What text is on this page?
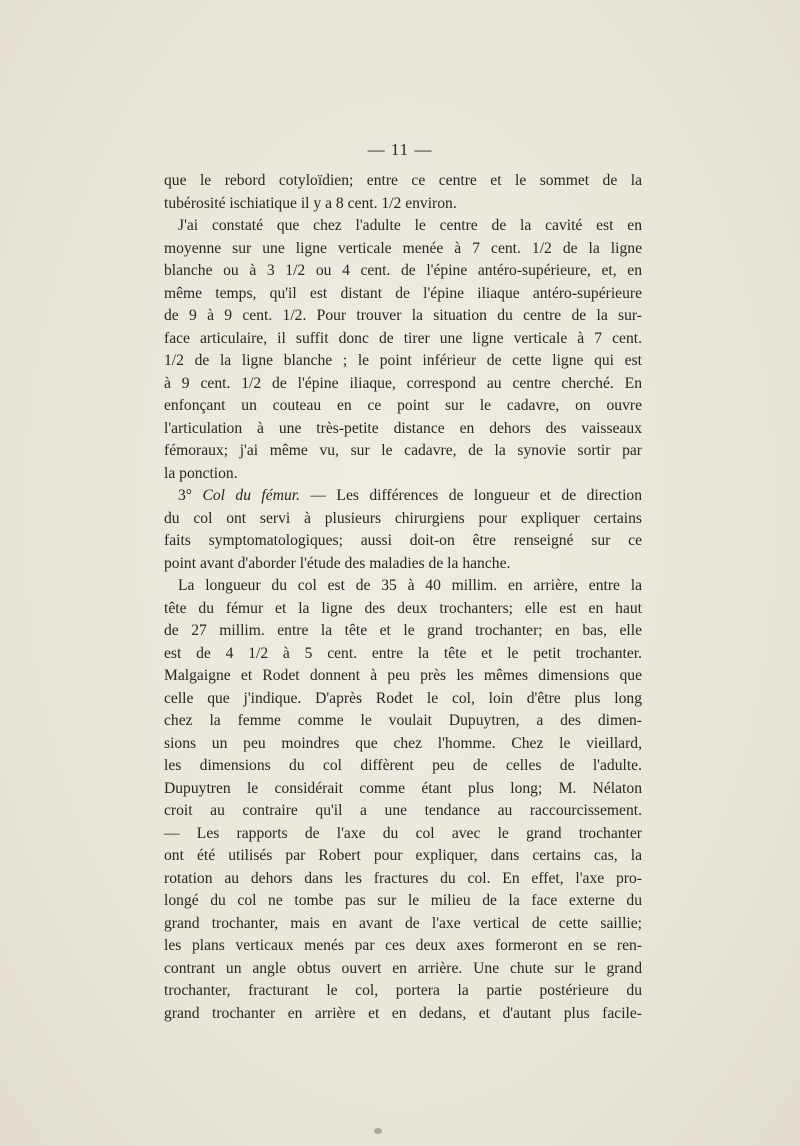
— 11 —
que le rebord cotyloïdien; entre ce centre et le sommet de la
tubérosité ischiatique il y a 8 cent. 1/2 environ.
J'ai constaté que chez l'adulte le centre de la cavité est en
moyenne sur une ligne verticale menée à 7 cent. 1/2 de la ligne
blanche ou à 3 1/2 ou 4 cent. de l'épine antéro-supérieure, et, en
même temps, qu'il est distant de l'épine iliaque antéro-supérieure
de 9 à 9 cent. 1/2. Pour trouver la situation du centre de la sur-
face articulaire, il suffit donc de tirer une ligne verticale à 7 cent.
1/2 de la ligne blanche ; le point inférieur de cette ligne qui est
à 9 cent. 1/2 de l'épine iliaque, correspond au centre cherché. En
enfonçant un couteau en ce point sur le cadavre, on ouvre
l'articulation à une très-petite distance en dehors des vaisseaux
fémoraux; j'ai même vu, sur le cadavre, de la synovie sortir par
la ponction.
3° Col du fémur. — Les différences de longueur et de direction
du col ont servi à plusieurs chirurgiens pour expliquer certains
faits symptomatologiques; aussi doit-on être renseigné sur ce
point avant d'aborder l'étude des maladies de la hanche.
La longueur du col est de 35 à 40 millim. en arrière, entre la
tête du fémur et la ligne des deux trochanters; elle est en haut
de 27 millim. entre la tête et le grand trochanter; en bas, elle
est de 4 1/2 à 5 cent. entre la tête et le petit trochanter.
Malgaigne et Rodet donnent à peu près les mêmes dimensions que
celle que j'indique. D'après Rodet le col, loin d'être plus long
chez la femme comme le voulait Dupuytren, a des dimen-
sions un peu moindres que chez l'homme. Chez le vieillard,
les dimensions du col diffèrent peu de celles de l'adulte.
Dupuytren le considérait comme étant plus long; M. Nélaton
croit au contraire qu'il a une tendance au raccourcissement.
— Les rapports de l'axe du col avec le grand trochanter
ont été utilisés par Robert pour expliquer, dans certains cas, la
rotation au dehors dans les fractures du col. En effet, l'axe pro-
longé du col ne tombe pas sur le milieu de la face externe du
grand trochanter, mais en avant de l'axe vertical de cette saillie;
les plans verticaux menés par ces deux axes formeront en se ren-
contrant un angle obtus ouvert en arrière. Une chute sur le grand
trochanter, fracturant le col, portera la partie postérieure du
grand trochanter en arrière et en dedans, et d'autant plus facile-
